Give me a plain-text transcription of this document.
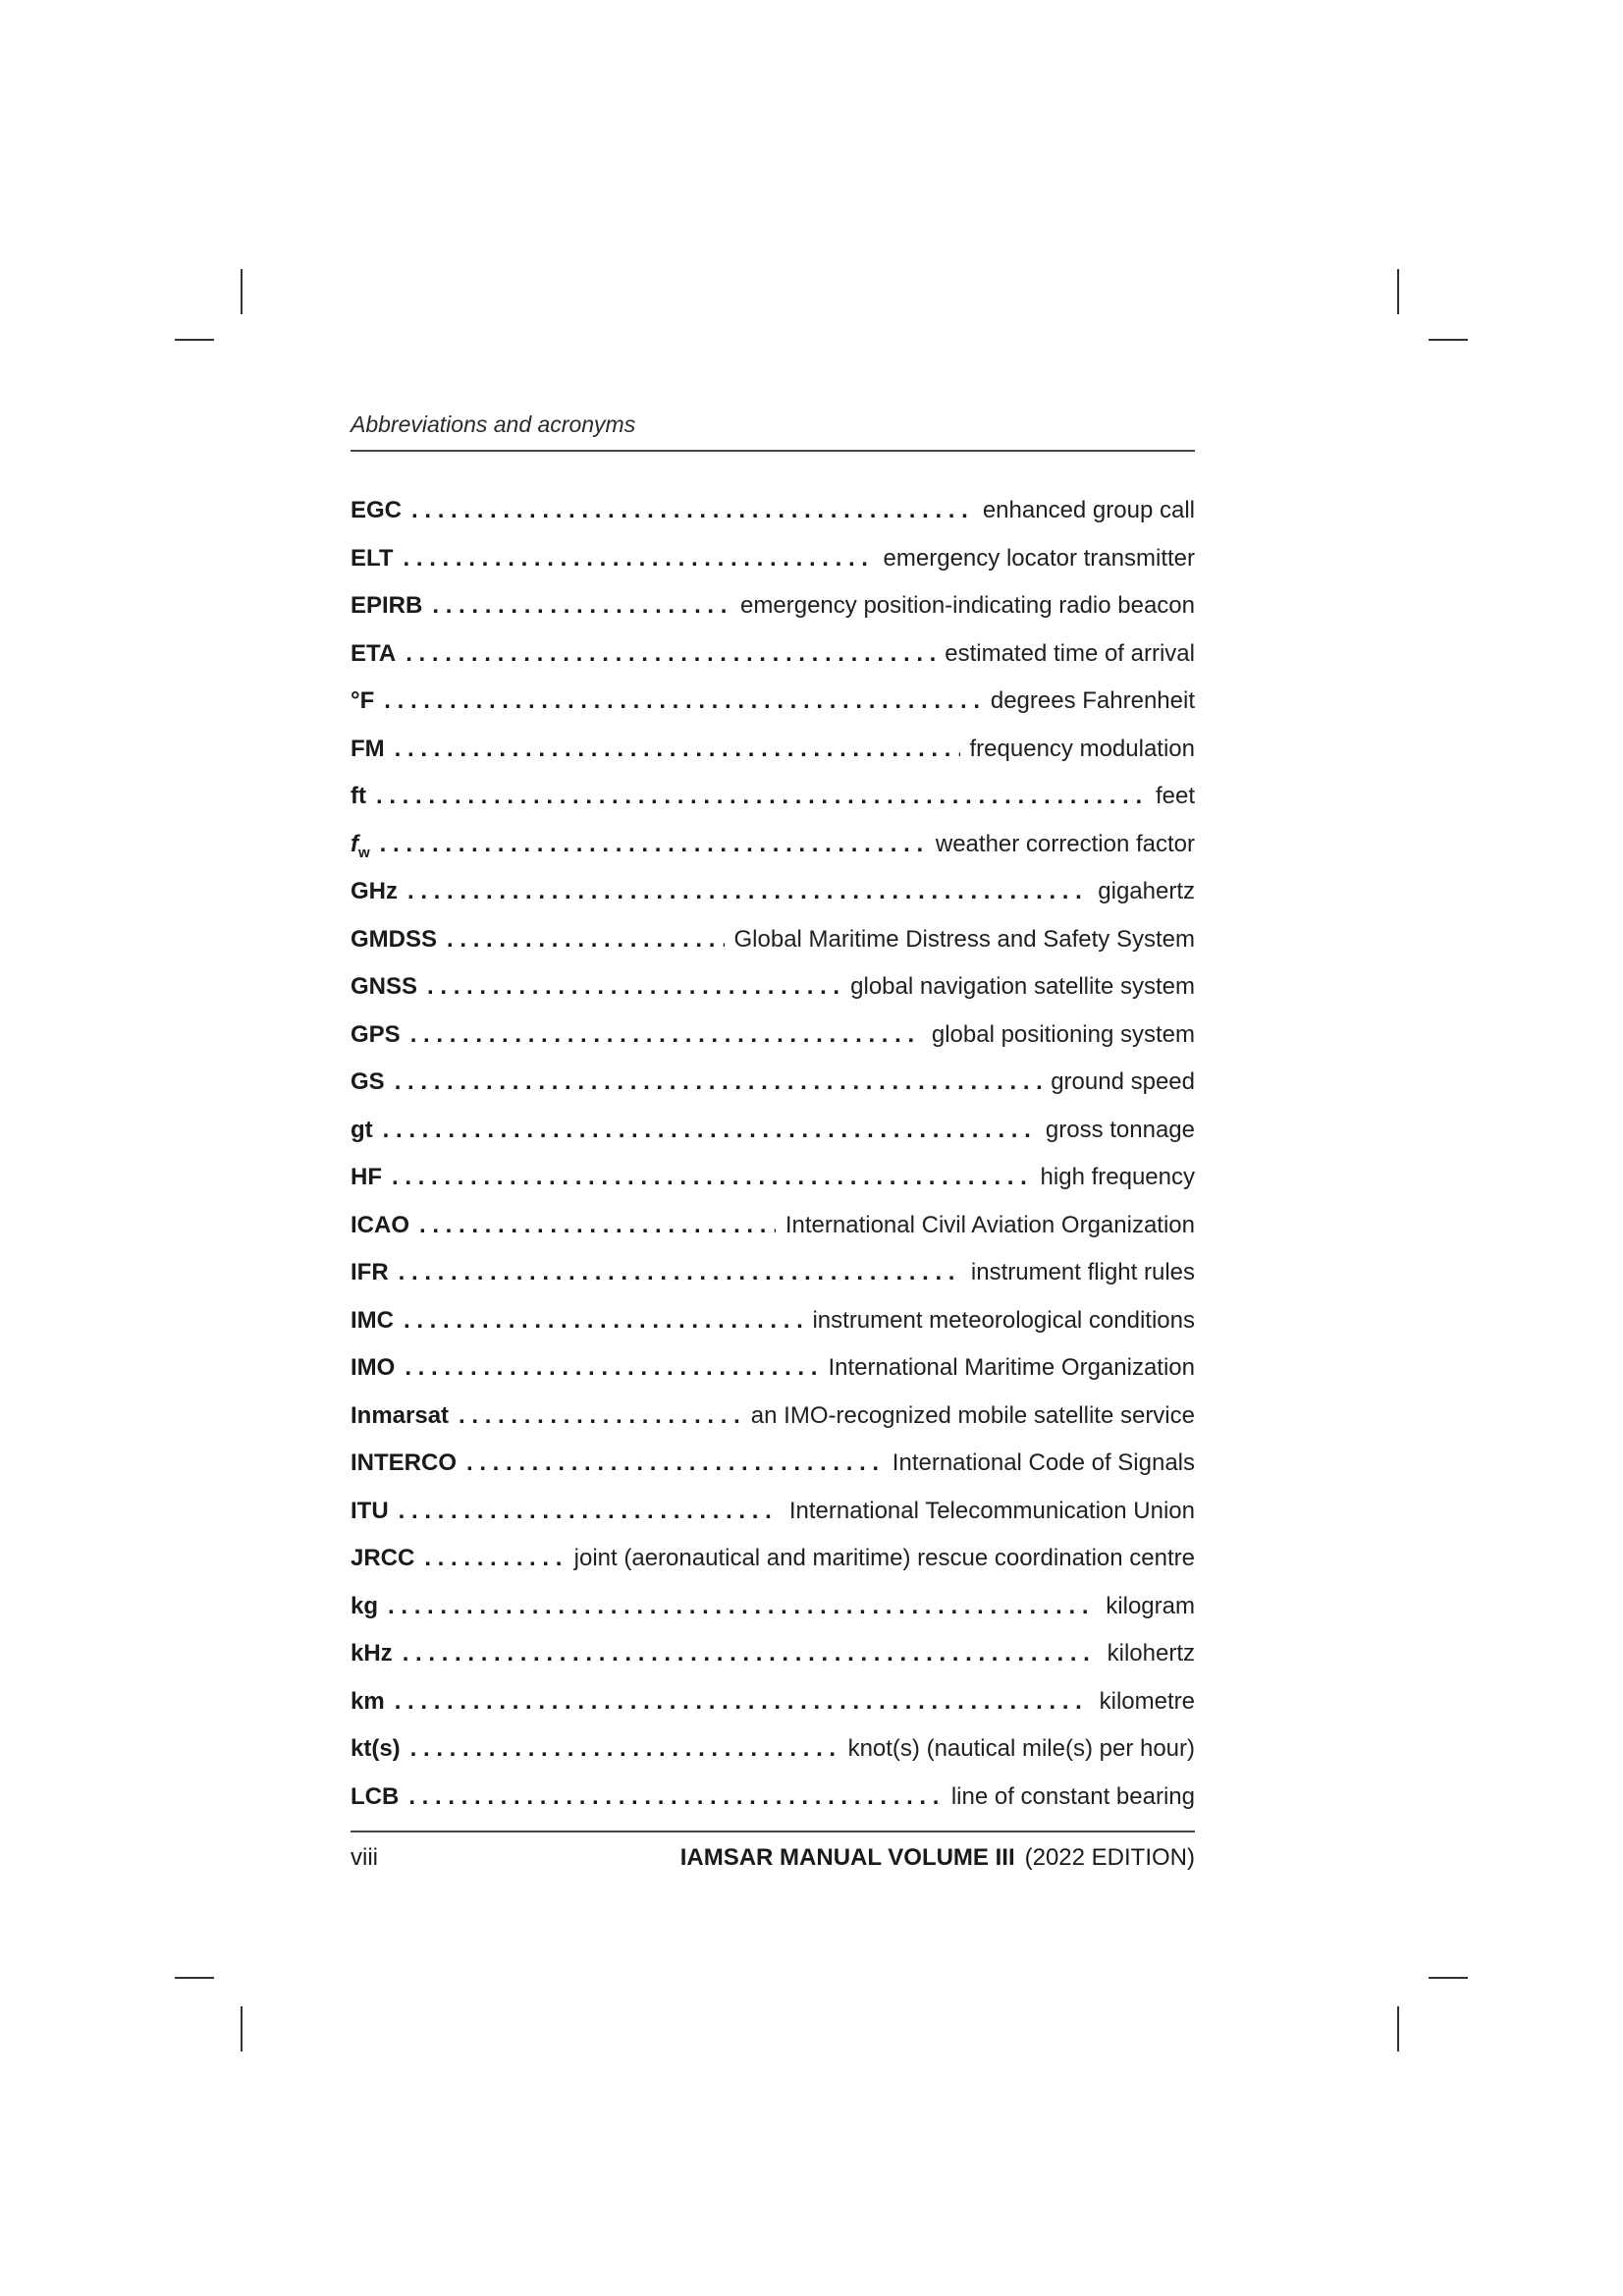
Abbreviations and acronyms
EGC . . .	enhanced group call
ELT . . .	emergency locator transmitter
EPIRB . . .	emergency position-indicating radio beacon
ETA . . .	estimated time of arrival
°F . . .	degrees Fahrenheit
FM . . .	frequency modulation
ft . . .	feet
$f_w$ . . .	weather correction factor
GHz . . .	gigahertz
GMDSS . . .	Global Maritime Distress and Safety System
GNSS . . .	global navigation satellite system
GPS . . .	global positioning system
GS . . .	ground speed
gt . . .	gross tonnage
HF . . .	high frequency
ICAO . . .	International Civil Aviation Organization
IFR . . .	instrument flight rules
IMC . . .	instrument meteorological conditions
IMO . . .	International Maritime Organization
Inmarsat . . .	an IMO-recognized mobile satellite service
INTERCO . . .	International Code of Signals
ITU . . .	International Telecommunication Union
JRCC . . .	joint (aeronautical and maritime) rescue coordination centre
kg . . .	kilogram
kHz . . .	kilohertz
km . . .	kilometre
kt(s) . . .	knot(s) (nautical mile(s) per hour)
LCB . . .	line of constant bearing
viii	IAMSAR MANUAL VOLUME III (2022 EDITION)
